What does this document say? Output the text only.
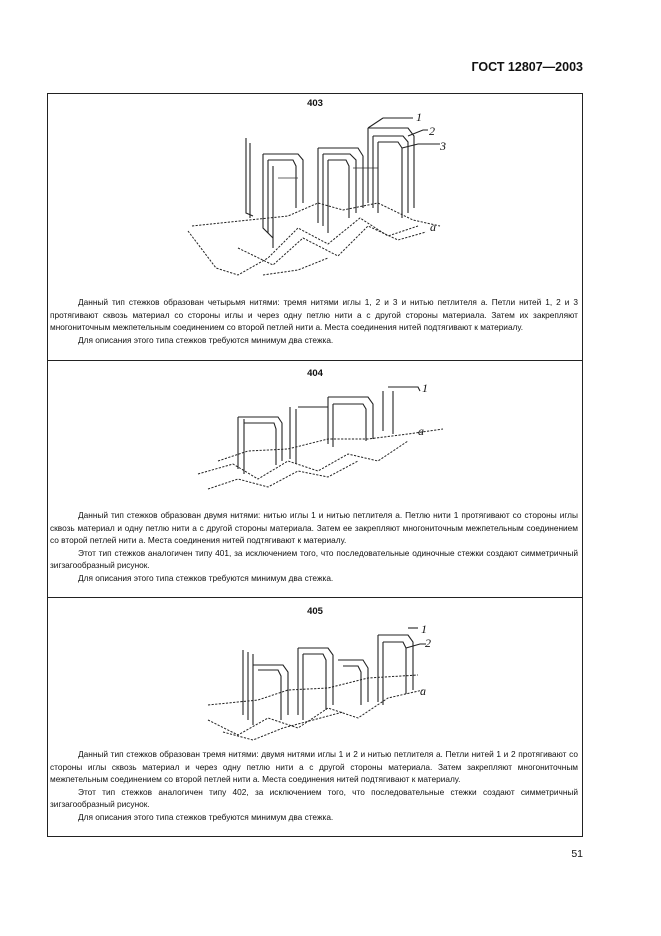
ГОСТ 12807—2003
403
1
2
3
a

Данный тип стежков образован четырьмя нитями: тремя нитями иглы 1, 2 и 3 и нитью петлителя a. Петли нитей 1, 2 и 3 протягивают сквозь материал со стороны иглы и через одну петлю нити a с другой стороны материала. Затем их закрепляют многониточным межпетельным соединением со второй петлей нити a. Места соединения нитей подтягивают к материалу.

Для описания этого типа стежков требуются минимум два стежка.

404
1
a

Данный тип стежков образован двумя нитями: нитью иглы 1 и нитью петлителя a. Петлю нити 1 протягивают со стороны иглы сквозь материал и одну петлю нити a с другой стороны материала. Затем ее закрепляют многониточным межпетельным соединением со второй петлей нити a. Места соединения нитей подтягивают к материалу.

Этот тип стежков аналогичен типу 401, за исключением того, что последовательные одиночные стежки создают симметричный зигзагообразный рисунок.

Для описания этого типа стежков требуются минимум два стежка.

405
1
2
a

Данный тип стежков образован тремя нитями: двумя нитями иглы 1 и 2 и нитью петлителя a. Петли нитей 1 и 2 протягивают со стороны иглы сквозь материал и через одну петлю нити a с другой стороны материала. Затем закрепляют многониточным межпетельным соединением со второй петлей нити a. Места соединения нитей подтягивают к материалу.

Этот тип стежков аналогичен типу 402, за исключением того, что последовательные стежки создают симметричный зигзагообразный рисунок.

Для описания этого типа стежков требуются минимум два стежка.

51
